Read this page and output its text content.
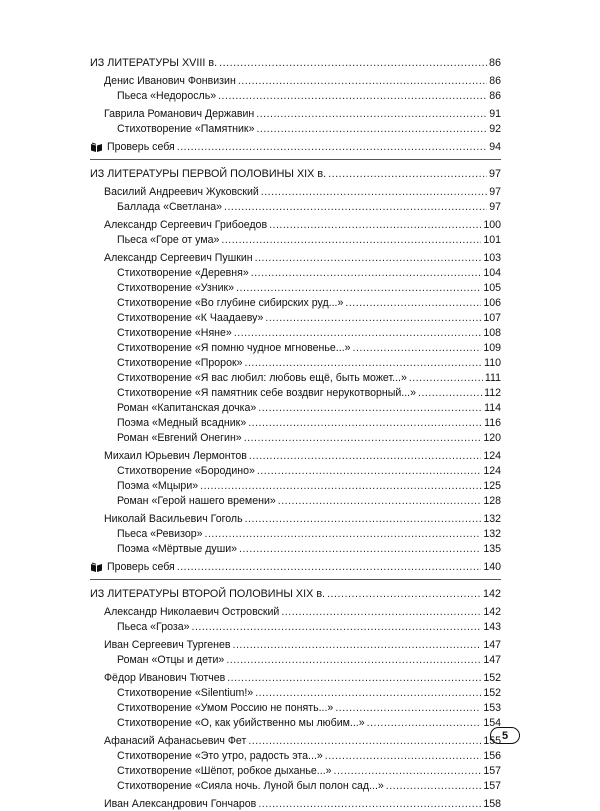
ИЗ ЛИТЕРАТУРЫ XVIII в. .....	86
Денис Иванович Фонвизин .....	86
Пьеса «Недоросль» .....	86
Гаврила Романович Державин .....	91
Стихотворение «Памятник» .....	92
Проверь себя .....	94
ИЗ ЛИТЕРАТУРЫ ПЕРВОЙ ПОЛОВИНЫ XIX в. .....	97
Василий Андреевич Жуковский .....	97
Баллада «Светлана» .....	97
Александр Сергеевич Грибоедов .....	100
Пьеса «Горе от ума» .....	101
Александр Сергеевич Пушкин .....	103
Стихотворение «Деревня» .....	104
Стихотворение «Узник» .....	105
Стихотворение «Во глубине сибирских руд...» .....	106
Стихотворение «К Чаадаеву» .....	107
Стихотворение «Няне» .....	108
Стихотворение «Я помню чудное мгновенье...» .....	109
Стихотворение «Пророк» .....	110
Стихотворение «Я вас любил: любовь ещё, быть может...» .....	111
Стихотворение «Я памятник себе воздвиг нерукотворный...» .....	112
Роман «Капитанская дочка» .....	114
Поэма «Медный всадник» .....	116
Роман «Евгений Онегин» .....	120
Михаил Юрьевич Лермонтов .....	124
Стихотворение «Бородино» .....	124
Поэма «Мцыри» .....	125
Роман «Герой нашего времени» .....	128
Николай Васильевич Гоголь .....	132
Пьеса «Ревизор» .....	132
Поэма «Мёртвые души» .....	135
Проверь себя .....	140
ИЗ ЛИТЕРАТУРЫ ВТОРОЙ ПОЛОВИНЫ XIX в. .....	142
Александр Николаевич Островский .....	142
Пьеса «Гроза» .....	143
Иван Сергеевич Тургенев .....	147
Роман «Отцы и дети» .....	147
Фёдор Иванович Тютчев .....	152
Стихотворение «Silentium!» .....	152
Стихотворение «Умом Россию не понять...» .....	153
Стихотворение «О, как убийственно мы любим...» .....	154
Афанасий Афанасьевич Фет .....	155
Стихотворение «Это утро, радость эта...» .....	156
Стихотворение «Шёпот, робкое дыханье...» .....	157
Стихотворение «Сияла ночь. Луной был полон сад...» .....	157
Иван Александрович Гончаров .....	158
5
